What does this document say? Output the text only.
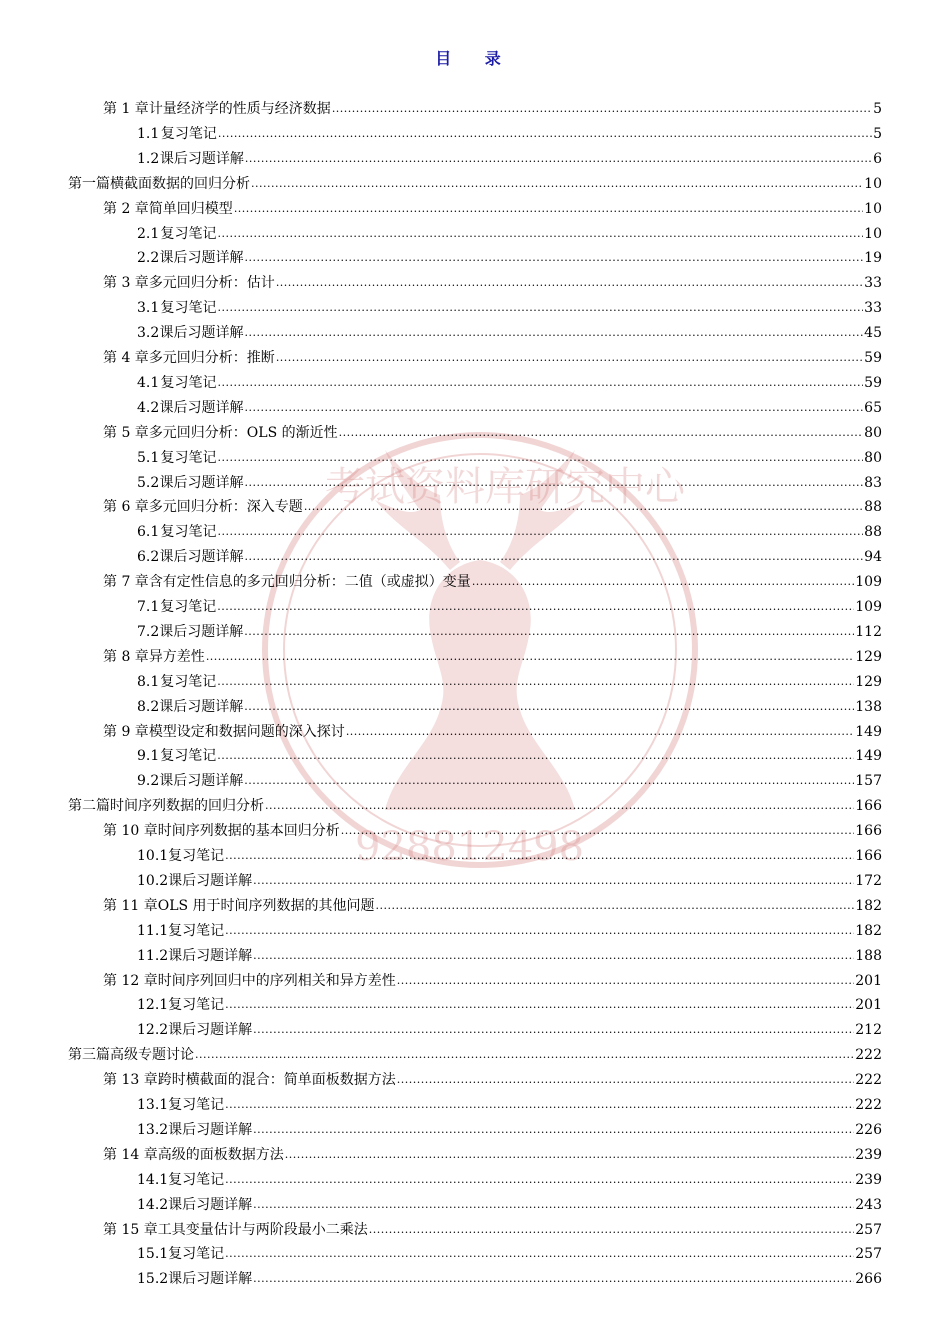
考试资料库研究中心
928812498
目 录
第 1 章 计量经济学的性质与经济数据 .....	5
1.1 复习笔记 .....	5
1.2 课后习题详解 .....	6
第一篇 横截面数据的回归分析 .....	10
第 2 章 简单回归模型 .....	10
2.1 复习笔记 .....	10
2.2 课后习题详解 .....	19
第 3 章 多元回归分析：估计 .....	33
3.1 复习笔记 .....	33
3.2 课后习题详解 .....	45
第 4 章 多元回归分析：推断 .....	59
4.1 复习笔记 .....	59
4.2 课后习题详解 .....	65
第 5 章 多元回归分析：OLS 的渐近性 .....	80
5.1 复习笔记 .....	80
5.2 课后习题详解 .....	83
第 6 章 多元回归分析：深入专题 .....	88
6.1 复习笔记 .....	88
6.2 课后习题详解 .....	94
第 7 章 含有定性信息的多元回归分析：二值（或虚拟）变量 .....	109
7.1 复习笔记 .....	109
7.2 课后习题详解 .....	112
第 8 章 异方差性 .....	129
8.1 复习笔记 .....	129
8.2 课后习题详解 .....	138
第 9 章 模型设定和数据问题的深入探讨 .....	149
9.1 复习笔记 .....	149
9.2 课后习题详解 .....	157
第二篇 时间序列数据的回归分析 .....	166
第 10 章 时间序列数据的基本回归分析 .....	166
10.1 复习笔记 .....	166
10.2 课后习题详解 .....	172
第 11 章 OLS 用于时间序列数据的其他问题 .....	182
11.1 复习笔记 .....	182
11.2 课后习题详解 .....	188
第 12 章 时间序列回归中的序列相关和异方差性 .....	201
12.1 复习笔记 .....	201
12.2 课后习题详解 .....	212
第三篇 高级专题讨论 .....	222
第 13 章 跨时横截面的混合：简单面板数据方法 .....	222
13.1 复习笔记 .....	222
13.2 课后习题详解 .....	226
第 14 章 高级的面板数据方法 .....	239
14.1 复习笔记 .....	239
14.2 课后习题详解 .....	243
第 15 章 工具变量估计与两阶段最小二乘法 .....	257
15.1 复习笔记 .....	257
15.2 课后习题详解 .....	266
